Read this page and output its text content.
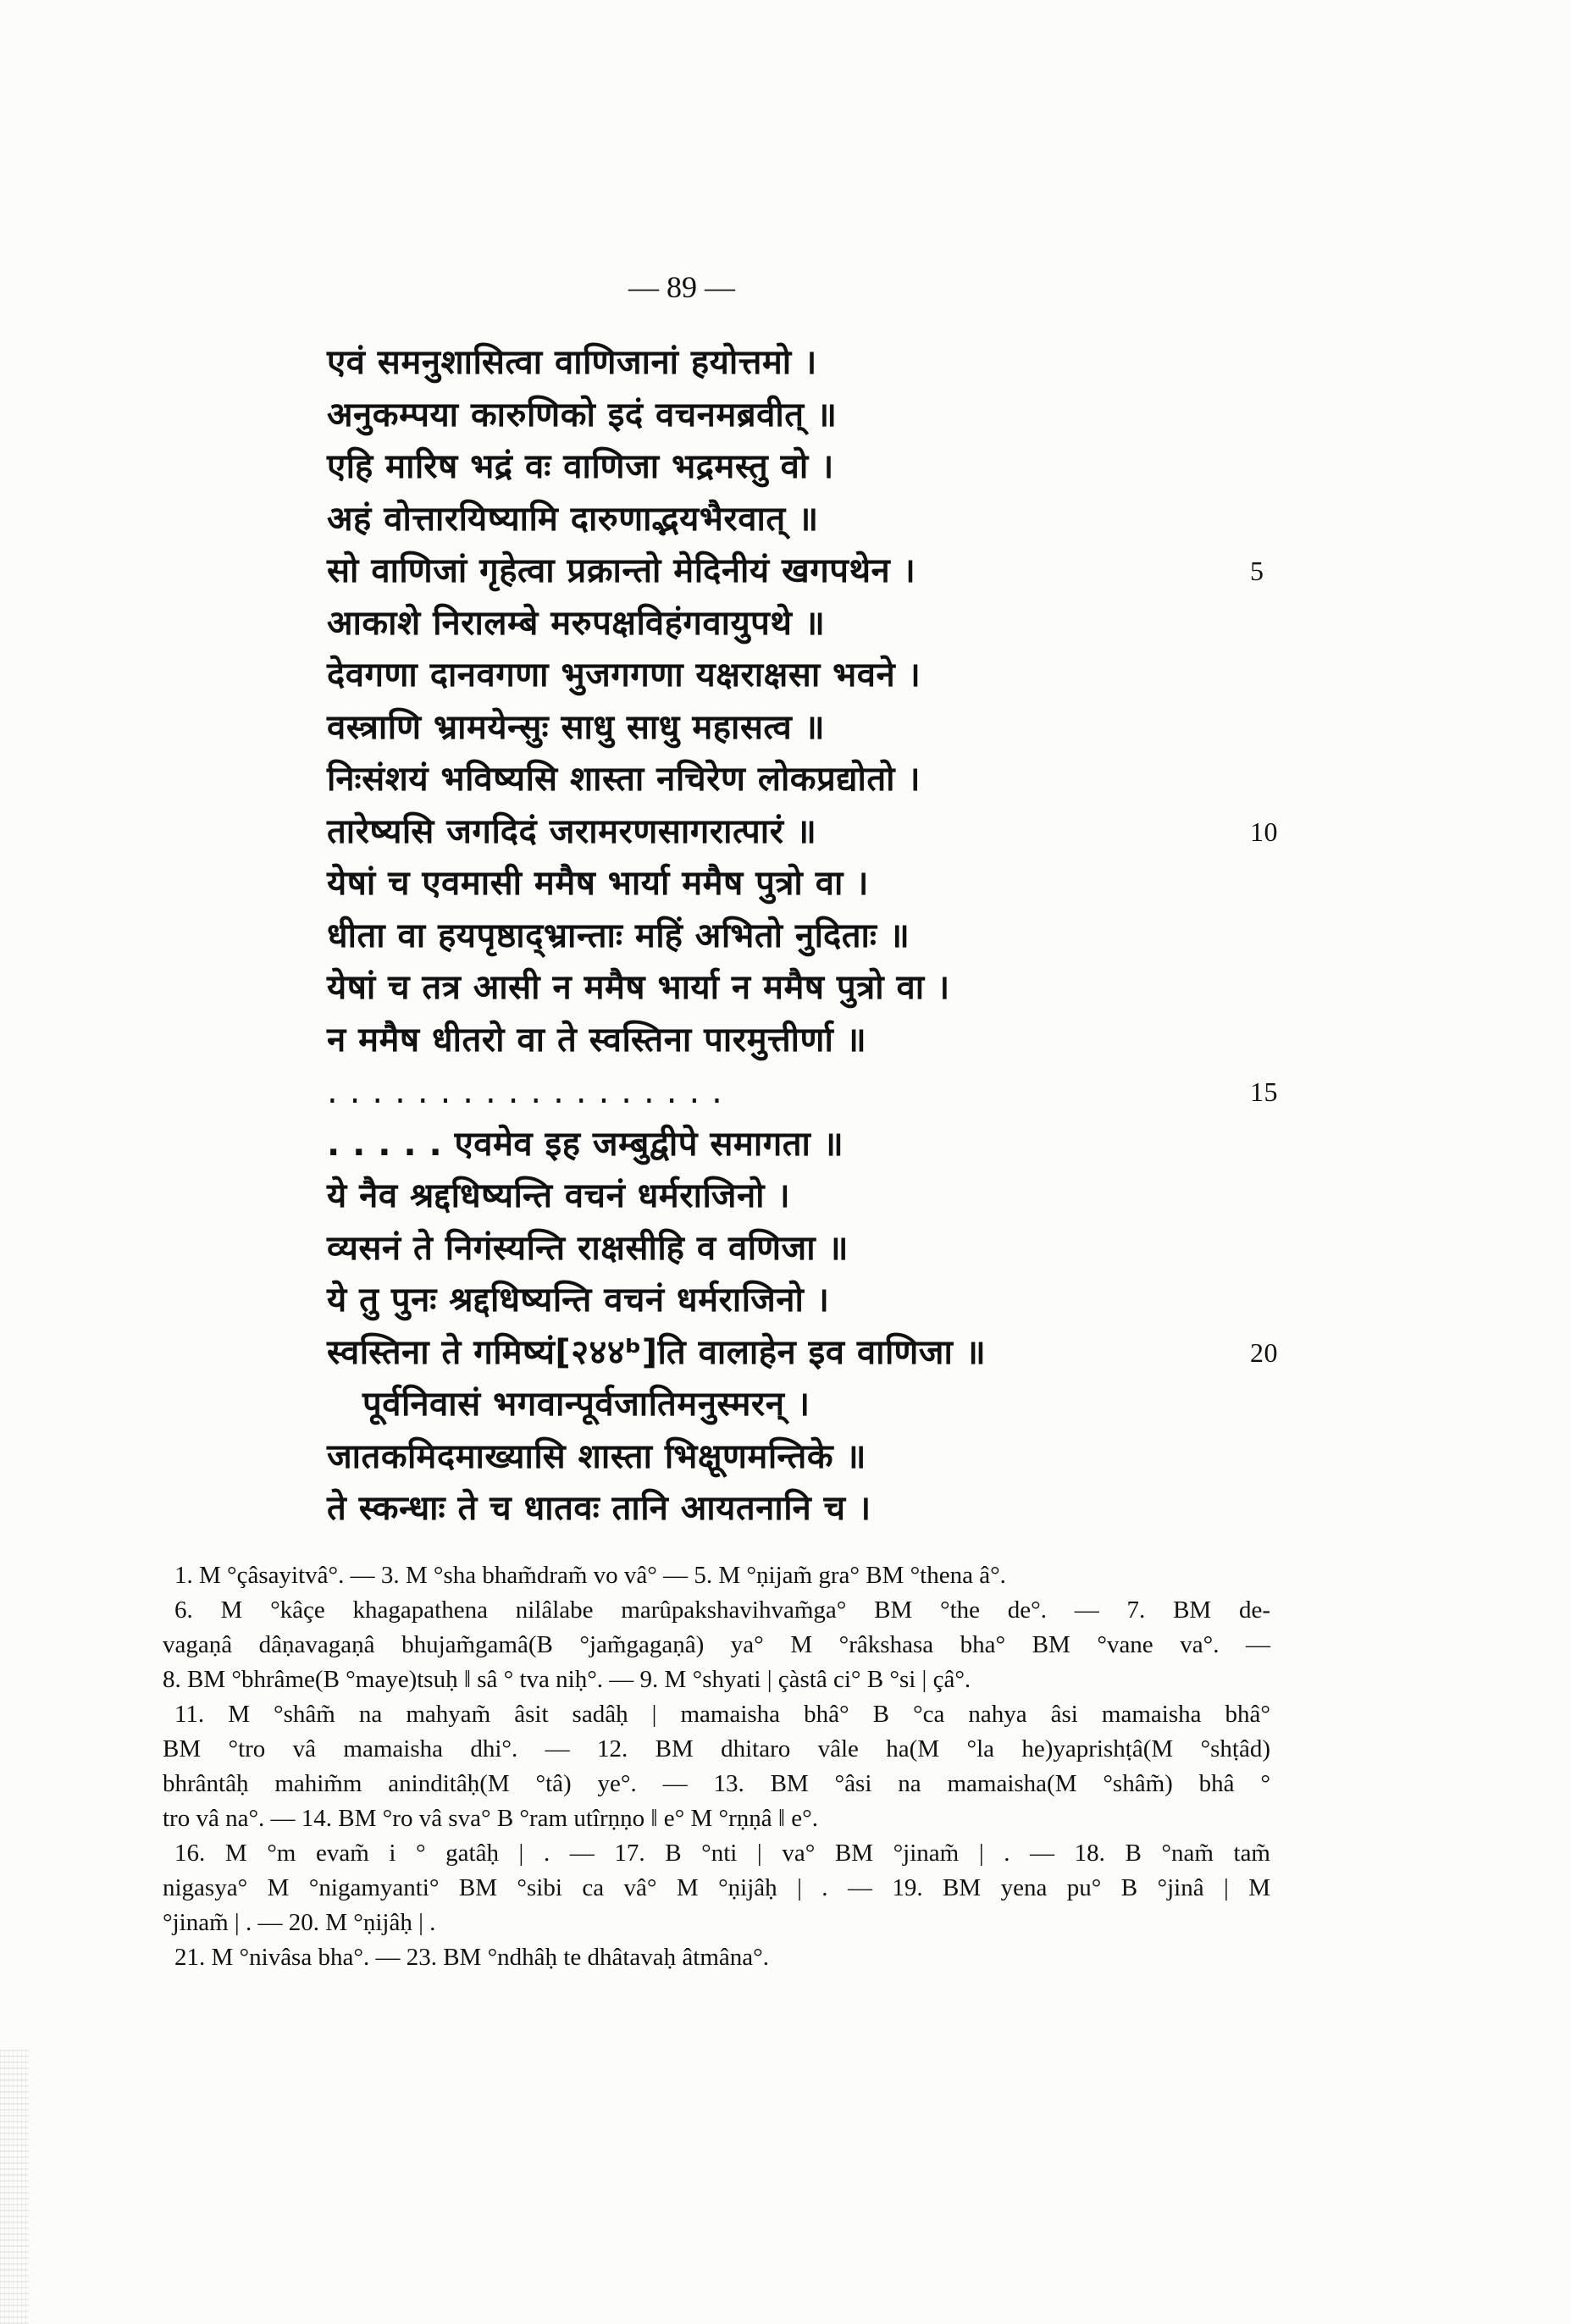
— 89 —
एवं समनुशासित्वा वाणिजानां हयोत्तमो ।
अनुकम्पया कारुणिको इदं वचनमब्रवीत् ॥
एहि मारिष भद्रं वः वाणिजा भद्रमस्तु वो ।
अहं वोत्तारयिष्यामि दारुणाद्भयभैरवात् ॥
सो वाणिजां गृहेत्वा प्रक्रान्तो मेदिनीयं खगपथेन ।	5
आकाशे निरालम्बे मरुपक्षविहंगवायुपथे ॥
देवगणा दानवगणा भुजगगणा यक्षराक्षसा भवने ।
वस्त्राणि भ्रामयेन्सुः साधु साधु महासत्व ॥
निःसंशयं भविष्यसि शास्ता नचिरेण लोकप्रद्योतो ।
तारेष्यसि जगदिदं जरामरणसागरात्पारं ॥	10
येषां च एवमासी ममैष भार्या ममैष पुत्रो वा ।
धीता वा हयपृष्ठाद्भ्रान्ताः महिं अभितो नुदिताः ॥
येषां च तत्र आसी न ममैष भार्या न ममैष पुत्रो वा ।
न ममैष धीतरो वा ते स्वस्तिना पारमुत्तीर्णा ॥
..................	15
. . . . . एवमेव इह जम्बुद्वीपे समागता ॥
ये नैव श्रद्दधिष्यन्ति वचनं धर्मराजिनो ।
व्यसनं ते निगंस्यन्ति राक्षसीहि व वणिजा ॥
ये तु पुनः श्रद्दधिष्यन्ति वचनं धर्मराजिनो ।
स्वस्तिना ते गमिष्यं[२४४ᵇ]ति वालाहेन इव वाणिजा ॥	20
पूर्वनिवासं भगवान्पूर्वजातिमनुस्मरन् ।
जातकमिदमाख्यासि शास्ता भिक्षूणमन्तिके ॥
ते स्कन्धाः ते च धातवः तानि आयतनानि च ।
1. M °çâsayitvâ°. — 3. M °sha bham̃dram̃ vo vâ° — 5. M °ṇijam̃ gra° BM °thena â°.
6. M °kâçe khagapathena nilâlabe marûpakshavihvam̃ga° BM °the de°. — 7. BM de-
vagaṇâ dâṇavagaṇâ bhujam̃gamâ(B °jam̃gagaṇâ) ya° M °râkshasa bha° BM °vane va°. —
8. BM °bhrâme(B °maye)tsuḥ ‖ sâ ° tva niḥ°. — 9. M °shyati | çàstâ ci° B °si | çâ°.
11. M °shâm̃ na mahyam̃ âsit sadâḥ | mamaisha bhâ° B °ca nahya âsi mamaisha bhâ°
BM °tro vâ mamaisha dhi°. — 12. BM dhitaro vâle ha(M °la he)yaprishṭâ(M °shṭâd)
bhrântâḥ mahim̃m aninditâḥ(M °tâ) ye°. — 13. BM °âsi na mamaisha(M °shâm̃) bhâ °
tro vâ na°. — 14. BM °ro vâ sva° B °ram utîrṇṇo ‖ e° M °rṇṇâ ‖ e°.
16. M °m evam̃ i ° gatâḥ | . — 17. B °nti | va° BM °jinam̃ | . — 18. B °nam̃ tam̃
nigasya° M °nigamyanti° BM °sibi ca vâ° M °ṇijâḥ | . — 19. BM yena pu° B °jinâ | M
°jinam̃ | . — 20. M °ṇijâḥ | .
21. M °nivâsa bha°. — 23. BM °ndhâḥ te dhâtavaḥ âtmâna°.
